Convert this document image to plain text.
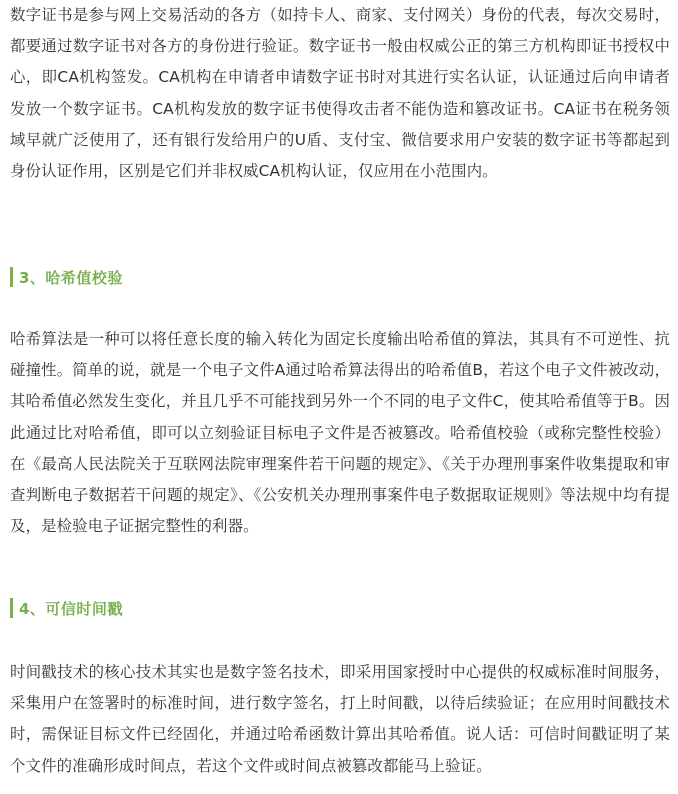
数字证书是参与网上交易活动的各方（如持卡人、商家、支付网关）身份的代表，每次交易时，都要通过数字证书对各方的身份进行验证。数字证书一般由权威公正的第三方机构即证书授权中心，即CA机构签发。CA机构在申请者申请数字证书时对其进行实名认证，认证通过后向申请者发放一个数字证书。CA机构发放的数字证书使得攻击者不能伪造和篡改证书。CA证书在税务领域早就广泛使用了，还有银行发给用户的U盾、支付宝、微信要求用户安装的数字证书等都起到身份认证作用，区别是它们并非权威CA机构认证，仅应用在小范围内。

3、哈希值校验

哈希算法是一种可以将任意长度的输入转化为固定长度输出哈希值的算法，其具有不可逆性、抗碰撞性。简单的说，就是一个电子文件A通过哈希算法得出的哈希值B，若这个电子文件被改动，其哈希值必然发生变化，并且几乎不可能找到另外一个不同的电子文件C，使其哈希值等于B。因此通过比对哈希值，即可以立刻验证目标电子文件是否被篡改。哈希值校验（或称完整性校验）在《最高人民法院关于互联网法院审理案件若干问题的规定》、《关于办理刑事案件收集提取和审查判断电子数据若干问题的规定》、《公安机关办理刑事案件电子数据取证规则》等法规中均有提及，是检验电子证据完整性的利器。

4、可信时间戳

时间戳技术的核心技术其实也是数字签名技术，即采用国家授时中心提供的权威标准时间服务，采集用户在签署时的标准时间，进行数字签名，打上时间戳，以待后续验证；在应用时间戳技术时，需保证目标文件已经固化，并通过哈希函数计算出其哈希值。说人话：可信时间戳证明了某个文件的准确形成时间点，若这个文件或时间点被篡改都能马上验证。
